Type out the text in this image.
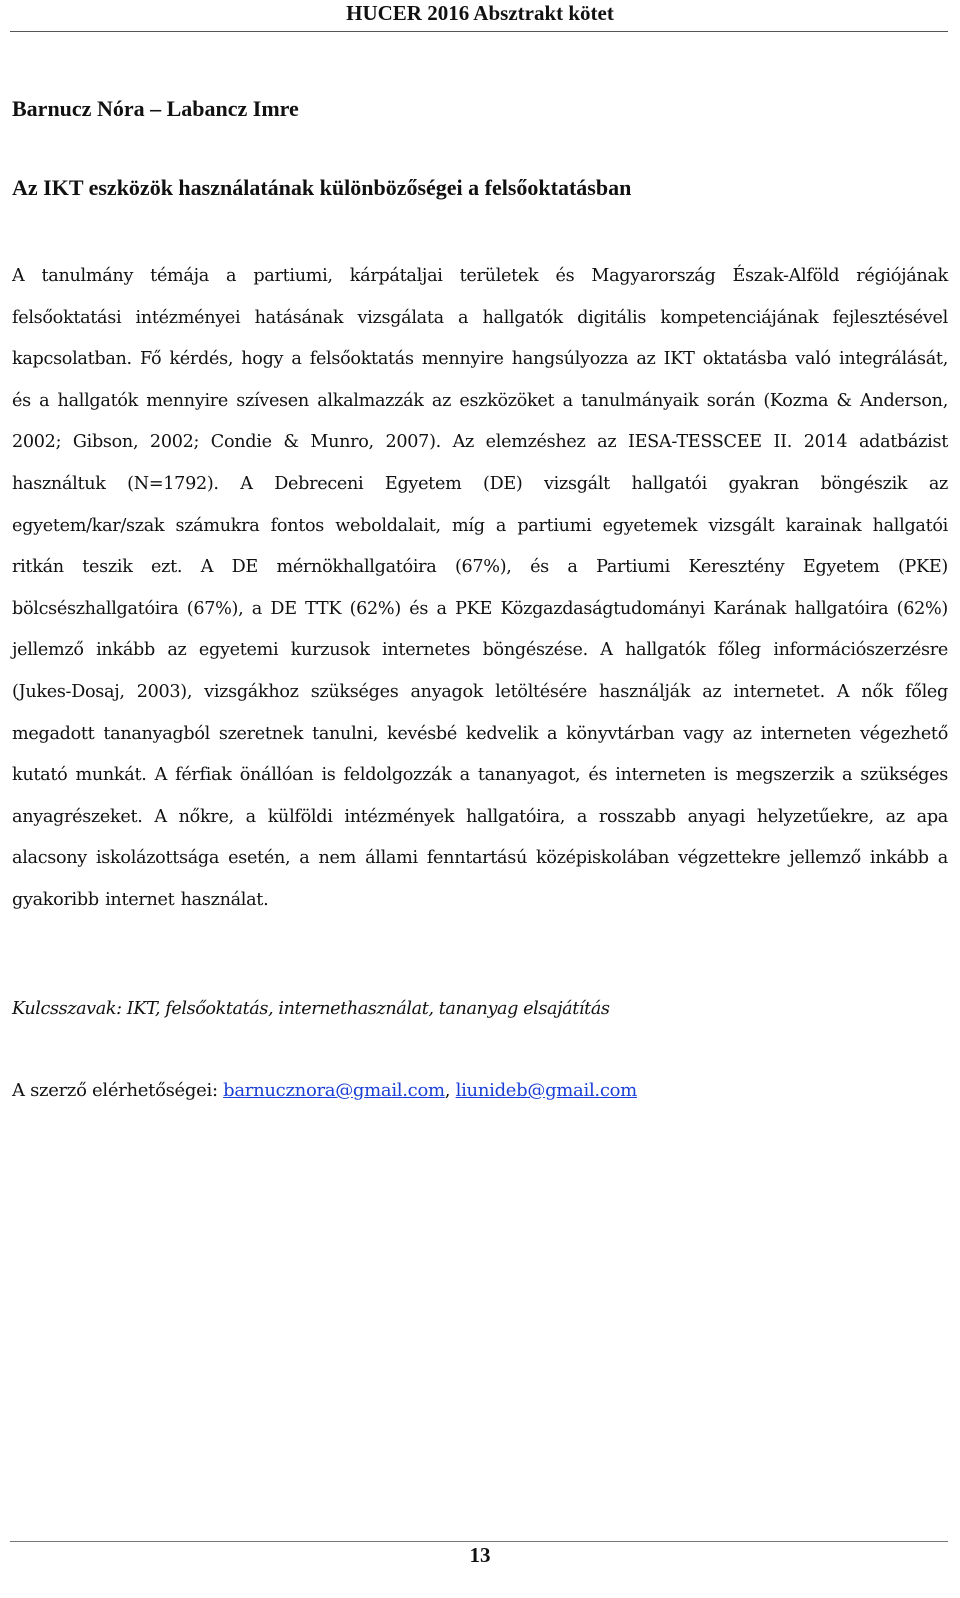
HUCER 2016 Absztrakt kötet
Barnucz Nóra – Labancz Imre
Az IKT eszközök használatának különbözőségei a felsőoktatásban

A tanulmány témája a partiumi, kárpátaljai területek és Magyarország Észak-Alföld régiójának felsőoktatási intézményei hatásának vizsgálata a hallgatók digitális kompetenciájának fejlesztésével kapcsolatban. Fő kérdés, hogy a felsőoktatás mennyire hangsúlyozza az IKT oktatásba való integrálását, és a hallgatók mennyire szívesen alkalmazzák az eszközöket a tanulmányaik során (Kozma & Anderson, 2002; Gibson, 2002; Condie & Munro, 2007). Az elemzéshez az IESA-TESSCEE II. 2014 adatbázist használtuk (N=1792). A Debreceni Egyetem (DE) vizsgált hallgatói gyakran böngészik az egyetem/kar/szak számukra fontos weboldalait, míg a partiumi egyetemek vizsgált karainak hallgatói ritkán teszik ezt. A DE mérnökhallgatóira (67%), és a Partiumi Keresztény Egyetem (PKE) bölcsészhallgatóira (67%), a DE TTK (62%) és a PKE Közgazdaságtudományi Karának hallgatóira (62%) jellemző inkább az egyetemi kurzusok internetes böngészése. A hallgatók főleg információszerzésre (Jukes-Dosaj, 2003), vizsgákhoz szükséges anyagok letöltésére használják az internetet. A nők főleg megadott tananyagból szeretnek tanulni, kevésbé kedvelik a könyvtárban vagy az interneten végezhető kutató munkát. A férfiak önállóan is feldolgozzák a tananyagot, és interneten is megszerzik a szükséges anyagrészeket. A nőkre, a külföldi intézmények hallgatóira, a rosszabb anyagi helyzetűekre, az apa alacsony iskolázottsága esetén, a nem állami fenntartású középiskolában végzettekre jellemző inkább a gyakoribb internet használat.

Kulcsszavak: IKT, felsőoktatás, internethasználat, tananyag elsajátítás
A szerző elérhetőségei: barnucznora@gmail.com, liunideb@gmail.com
13
